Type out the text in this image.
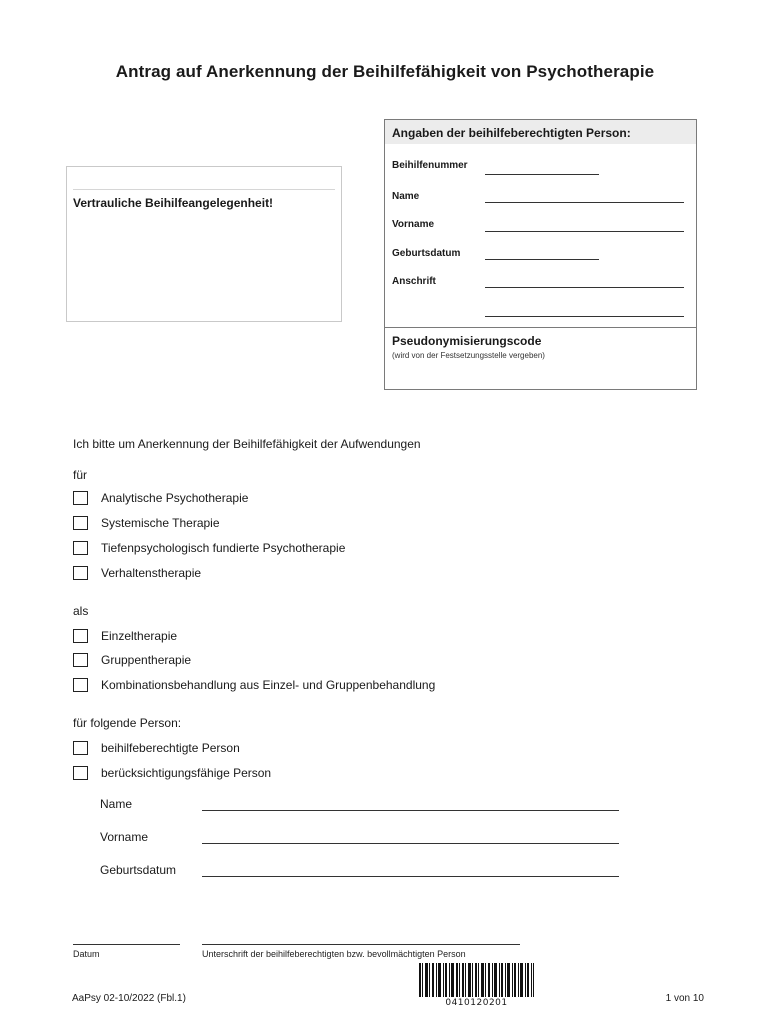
Antrag auf Anerkennung der Beihilfefähigkeit von Psychotherapie
Vertrauliche Beihilfeangelegenheit!
Angaben der beihilfeberechtigten Person:
Beihilfenummer
Name
Vorname
Geburtsdatum
Anschrift
Pseudonymisierungscode
(wird von der Festsetzungsstelle vergeben)
Ich bitte um Anerkennung der Beihilfefähigkeit der Aufwendungen
für
Analytische Psychotherapie
Systemische Therapie
Tiefenpsychologisch fundierte Psychotherapie
Verhaltenstherapie
als
Einzeltherapie
Gruppentherapie
Kombinationsbehandlung aus Einzel- und Gruppenbehandlung
für folgende Person:
beihilfeberechtigte Person
berücksichtigungsfähige Person
Name
Vorname
Geburtsdatum
Datum	Unterschrift der beihilfeberechtigten bzw. bevollmächtigten Person
AaPsy 02-10/2022 (Fbl.1)	0410120201	1 von 10
